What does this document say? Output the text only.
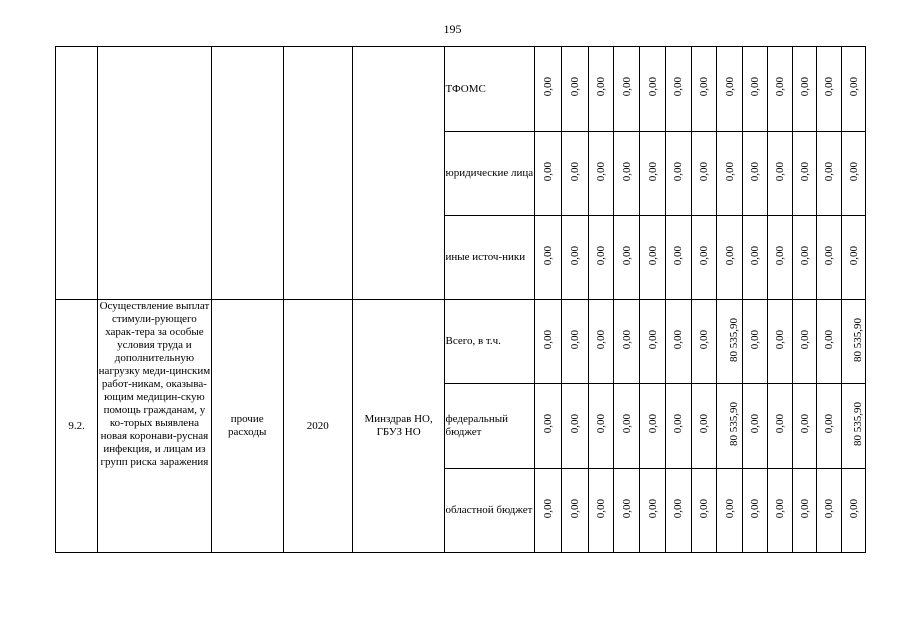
195
					ТФОМС	0,00	0,00	0,00	0,00	0,00	0,00	0,00	0,00	0,00	0,00	0,00	0,00	0,00
					юридические лица	0,00	0,00	0,00	0,00	0,00	0,00	0,00	0,00	0,00	0,00	0,00	0,00	0,00
					иные источ-ники	0,00	0,00	0,00	0,00	0,00	0,00	0,00	0,00	0,00	0,00	0,00	0,00	0,00
9.2.	Осуществление выплат стимули-рующего харак-тера за особые условия труда и дополнительную нагрузку меди-цинским работ-никам, оказыва-ющим медицин-скую помощь гражданам, у ко-торых выявлена новая коронави-русная инфекция, и лицам из групп риска заражения	прочие расходы	2020	Минздрав НО, ГБУЗ НО	Всего, в т.ч.	0,00	0,00	0,00	0,00	0,00	0,00	0,00	80 535,90	0,00	0,00	0,00	0,00	80 535,90
					федеральный бюджет	0,00	0,00	0,00	0,00	0,00	0,00	0,00	80 535,90	0,00	0,00	0,00	0,00	80 535,90
					областной бюджет	0,00	0,00	0,00	0,00	0,00	0,00	0,00	0,00	0,00	0,00	0,00	0,00	0,00
